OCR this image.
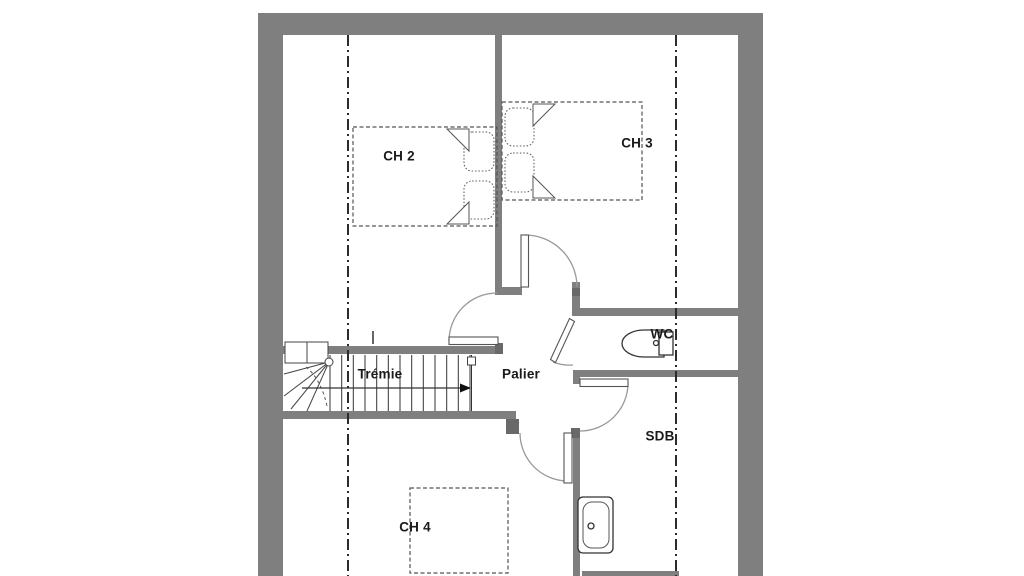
CH 2
CH 3
Trémie	Palier
WC
SDB
CH 4
